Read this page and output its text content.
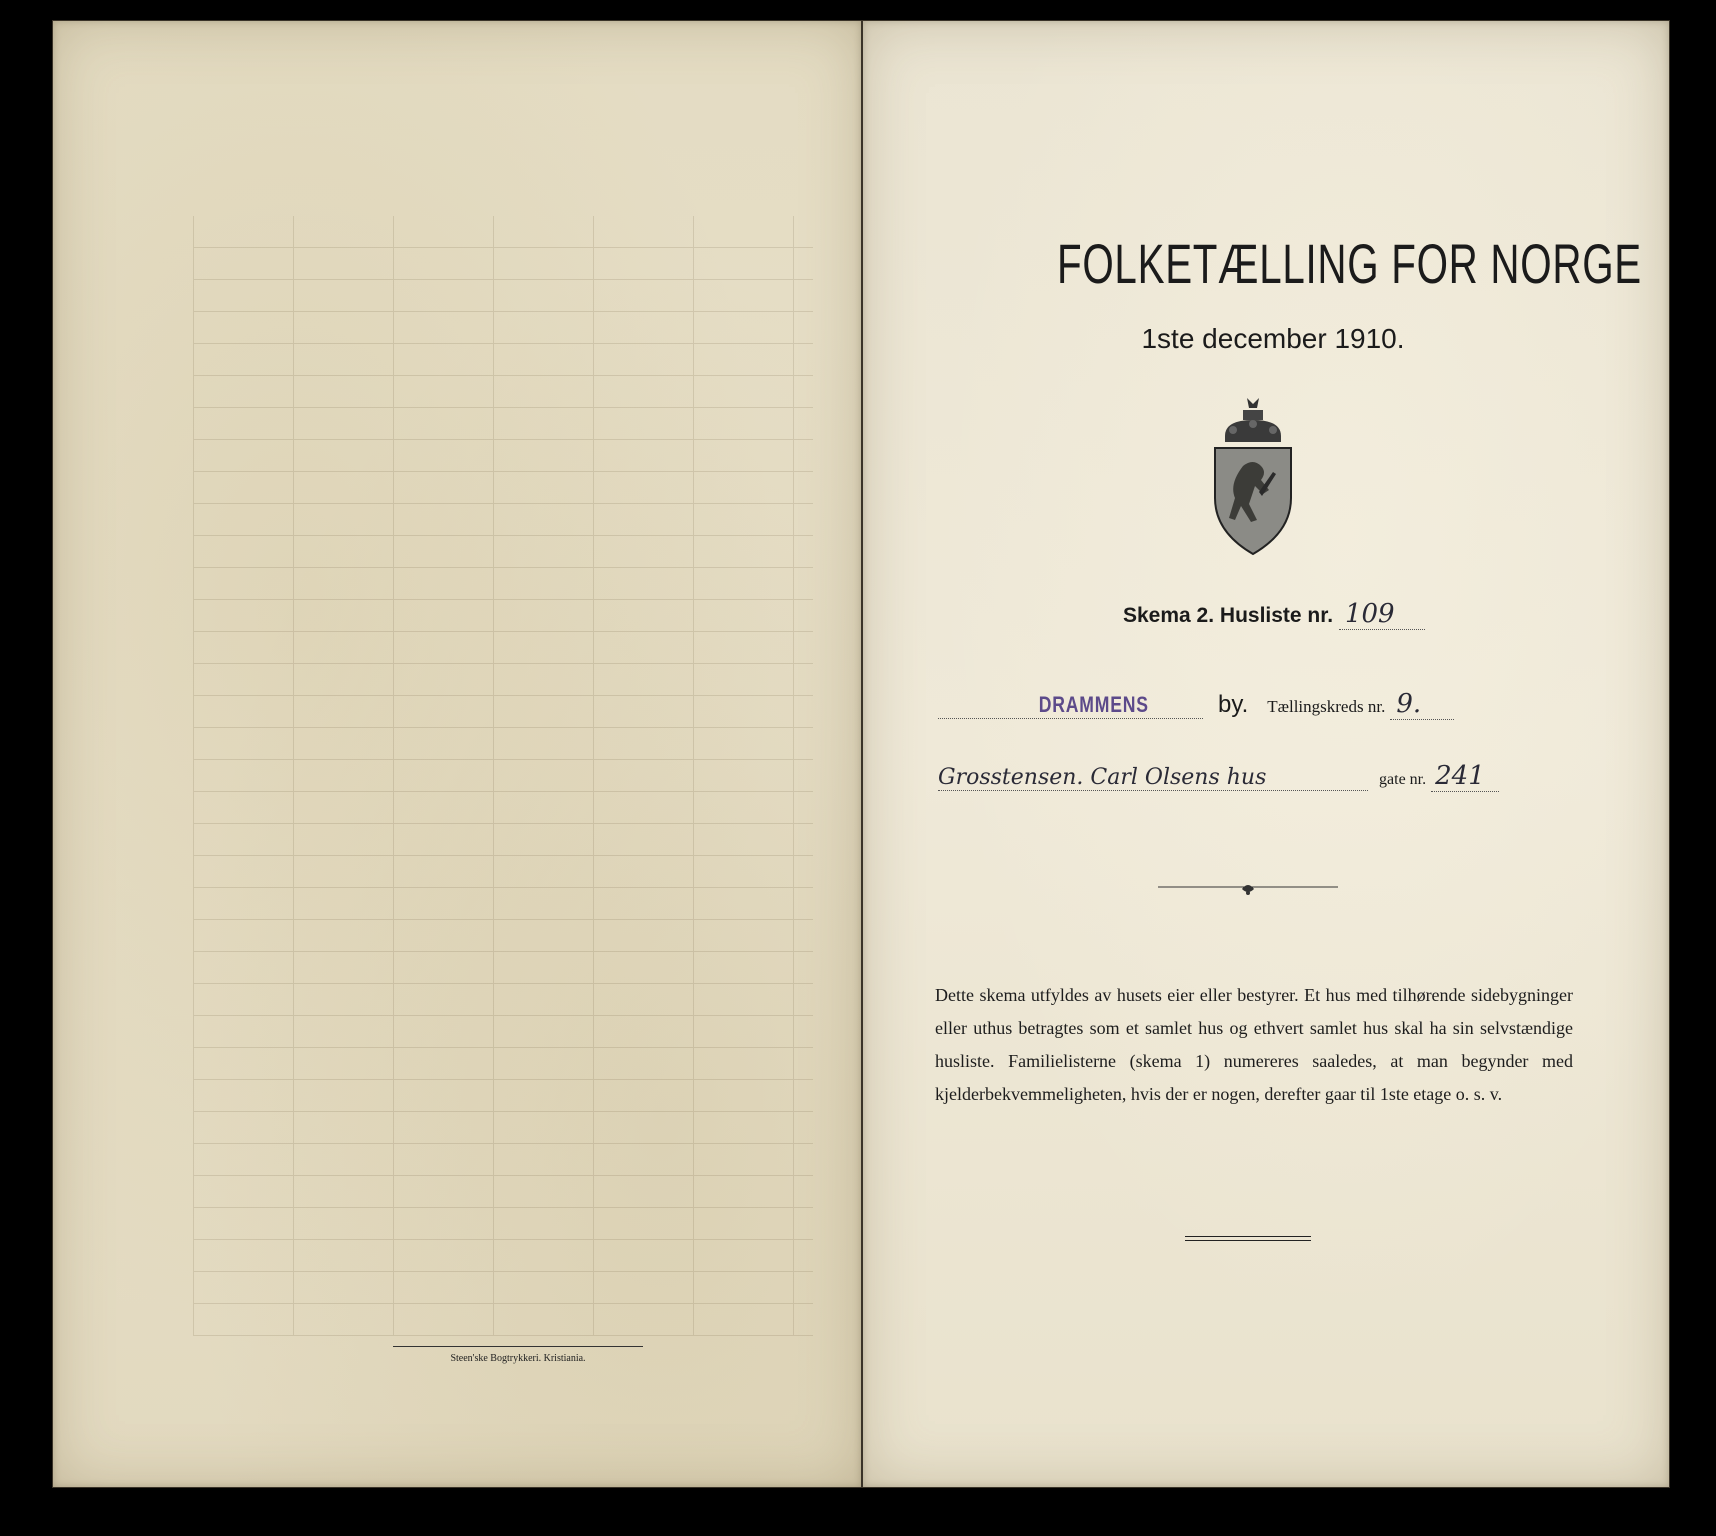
Steen'ske Bogtrykkeri. Kristiania.
FOLKETÆLLING FOR NORGE
1ste december 1910.
Skema 2. Husliste nr. 109
DRAMMENS	by. Tællingskreds nr. 9.
Grosstensen. Carl Olsens hus	gate nr. 241
Dette skema utfyldes av husets eier eller bestyrer. Et hus med tilhørende sidebygninger eller uthus betragtes som et samlet hus og ethvert samlet hus skal ha sin selvstændige husliste. Familielisterne (skema 1) numereres saaledes, at man begynder med kjelderbekvemmeligheten, hvis der er nogen, derefter gaar til 1ste etage o. s. v.
